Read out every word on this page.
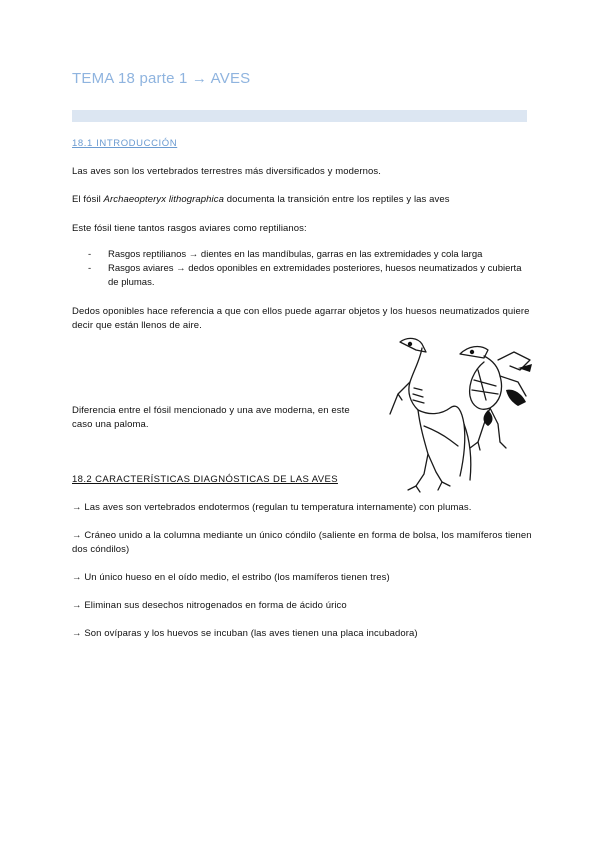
TEMA 18 parte 1 → AVES
18.1 INTRODUCCIÓN
Las aves son los vertebrados terrestres más diversificados y modernos.
El fósil Archaeopteryx lithographica documenta la transición entre los reptiles y las aves
Este fósil tiene tantos rasgos aviares como reptilianos:
- Rasgos reptilianos → dientes en las mandíbulas, garras en las extremidades y cola larga
- Rasgos aviares → dedos oponibles en extremidades posteriores, huesos neumatizados y cubierta de plumas.
Dedos oponibles hace referencia a que con ellos puede agarrar objetos y los huesos neumatizados quiere decir que están llenos de aire.
Diferencia entre el fósil mencionado y una ave moderna, en este caso una paloma.
18.2 CARACTERÍSTICAS DIAGNÓSTICAS DE LAS AVES
→ Las aves son vertebrados endotermos (regulan tu temperatura internamente) con plumas.
→ Cráneo unido a la columna mediante un único cóndilo (saliente en forma de bolsa, los mamíferos tienen dos cóndilos)
→ Un único hueso en el oído medio, el estribo (los mamíferos tienen tres)
→ Eliminan sus desechos nitrogenados en forma de ácido úrico
→ Son ovíparas y los huevos se incuban (las aves tienen una placa incubadora)
